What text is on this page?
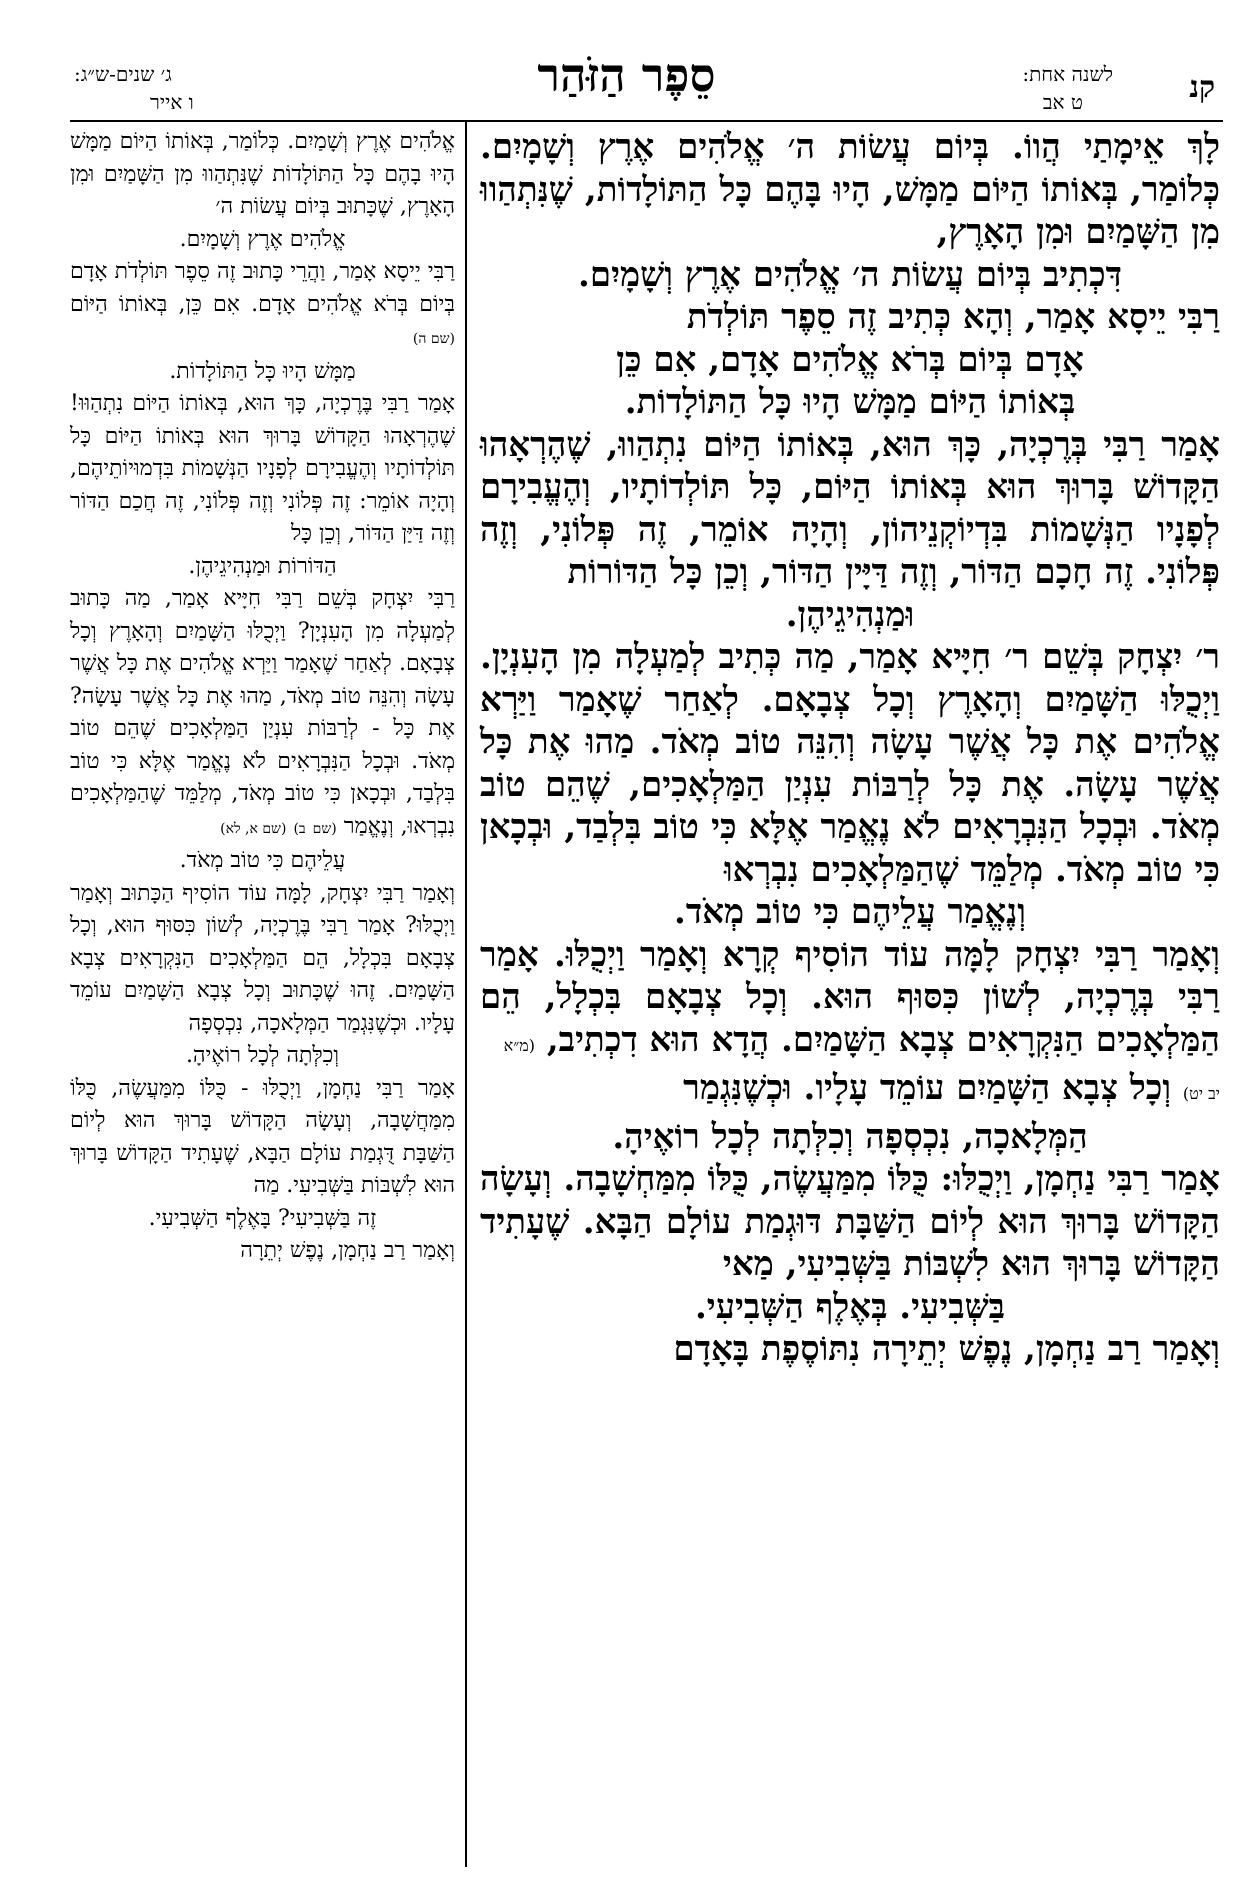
קנ
לשנה אחת:
ט אב
סֵפֶר הַזֹּהַר
ג׳ שנים-ש״ג:
ו אייר

לָךְ אֵימָתַי הֲווֹ. בְּיוֹם עֲשׂוֹת ה׳ אֱלֹהִים אֶרֶץ וְשָׁמָיִם. כְּלוֹמַר, בְּאוֹתוֹ הַיּוֹם מַמָּשׁ, הָיוּ בָּהֶם כָּל הַתּוֹלָדוֹת, שֶׁנִּתְהַווּ מִן הַשָּׁמַיִם וּמִן הָאָרֶץ,

דִּכְתִיב בְּיוֹם עֲשׂוֹת ה׳ אֱלֹהִים אֶרֶץ וְשָׁמָיִם.

רַבִּי יֵיסָא אָמַר, וְהָא כְּתִיב זֶה סֵפֶר תּוֹלְדֹת

אָדָם בְּיוֹם בְּרֹא אֱלֹהִים אָדָם, אִם כֵּן

בְּאוֹתוֹ הַיּוֹם מַמָּשׁ הָיוּ כָּל הַתּוֹלָדוֹת.

אָמַר רַבִּי בְּרֶכְיָה, כָּךְ הוּא, בְּאוֹתוֹ הַיּוֹם נִתְהַווּ, שֶׁהֶרְאָהוּ הַקָּדוֹשׁ בָּרוּךְ הוּא בְּאוֹתוֹ הַיּוֹם, כָּל תּוֹלְדוֹתָיו, וְהֶעֱבִירָם לְפָנָיו הַנְּשָׁמוֹת בִּדְיוֹקְנֵיהוֹן, וְהָיָה אוֹמֵר, זֶה פְּלוֹנִי, וְזֶה פְּלוֹנִי. זֶה חָכָם הַדּוֹר, וְזֶה דַּיָּין הַדּוֹר, וְכֵן כָּל הַדּוֹרוֹת

וּמַנְהִיגֵיהֶן.

ר׳ יִצְחָק בְּשֵׁם ר׳ חִיָּיא אָמַר, מַה כְּתִיב לְמַעְלָה מִן הָעִנְיָן. וַיְכֻלּוּ הַשָּׁמַיִם וְהָאָרֶץ וְכָל צְבָאָם. לְאַחַר שֶׁאָמַר וַיַּרְא אֱלֹהִים אֶת כָּל אֲשֶׁר עָשָׂה וְהִנֵּה טוֹב מְאֹד. מַהוּ אֶת כָּל אֲשֶׁר עָשָׂה. אֶת כָּל לְרַבּוֹת עִנְיַן הַמַּלְאָכִים, שֶׁהֵם טוֹב מְאֹד. וּבְכָל הַנִּבְרָאִים לֹא נֶאֱמַר אֶלָּא כִּי טוֹב בִּלְבַד, וּבְכָאן כִּי טוֹב מְאֹד. מְלַמֵּד שֶׁהַמַּלְאָכִים נִבְרְאוּ

וְנֶאֱמַר עֲלֵיהֶם כִּי טוֹב מְאֹד.

וְאָמַר רַבִּי יִצְחָק לָמָּה עוֹד הוֹסִיף קְרָא וְאָמַר וַיְכֻלּוּ. אָמַר רַבִּי בְּרֶכְיָה, לְשׁוֹן כִּסּוּף הוּא. וְכָל צְבָאָם בִּכְלָל, הֵם הַמַּלְאָכִים הַנִּקְרָאִים צְבָא הַשָּׁמַיִם. הֲדָא הוּא דִכְתִיב, (מ״א

יב יט) וְכָל צְבָא הַשָּׁמַיִם עוֹמֵד עָלָיו. וּכְשֶׁנִּגְמַר

הַמְּלָאכָה, נִכְסְפָה וְכִלְּתָה לְכָל רוֹאֶיהָ.

אָמַר רַבִּי נַחְמָן, וַיְכֻלּוּ: כֻּלּוֹ מִמַּעֲשֶׂה, כֻּלּוֹ מִמַּחְשָׁבָה. וְעָשָׂה הַקָּדוֹשׁ בָּרוּךְ הוּא לְיוֹם הַשַּׁבָּת דּוּגְמַת עוֹלָם הַבָּא. שֶׁעָתִיד הַקָּדוֹשׁ בָּרוּךְ הוּא לִשְׁבּוֹת בַּשְּׁבִיעִי, מַאי

בַּשְּׁבִיעִי. בְּאֶלֶף הַשְּׁבִיעִי.

וְאָמַר רַב נַחְמָן, נֶפֶשׁ יְתֵירָה נִתּוֹסֶפֶת בָּאָדָם

אֱלֹהִים אֶרֶץ וְשָׁמַיִם. כְּלוֹמַר, בְּאוֹתוֹ הַיּוֹם מַמָּשׁ הָיוּ בָהֶם כָּל הַתּוֹלָדוֹת שֶׁנִּתְהַווּ מִן הַשָּׁמַיִם וּמִן הָאָרֶץ, שֶׁכָּתוּב בְּיוֹם עֲשׂוֹת ה׳

אֱלֹהִים אֶרֶץ וְשָׁמָיִם.

רַבִּי יֵיסָא אָמַר, וַהֲרֵי כָּתוּב זֶה סֵפֶר תּוֹלְדֹת אָדָם בְּיוֹם בְּרֹא אֱלֹהִים אָדָם. אִם כֵּן, בְּאוֹתוֹ הַיּוֹם (שם ה)

מַמָּשׁ הָיוּ כָּל הַתּוֹלָדוֹת.

אָמַר רַבִּי בֶּרֶכְיָה, כָּךְ הוּא, בְּאוֹתוֹ הַיּוֹם נִתְהַוּוּ! שֶׁהֶרְאָהוּ הַקָּדוֹשׁ בָּרוּךְ הוּא בְּאוֹתוֹ הַיּוֹם כָּל תּוֹלְדוֹתָיו וְהֶעֱבִירָם לְפָנָיו הַנְּשָׁמוֹת בִּדְמוּיוֹתֵיהֶם, וְהָיָה אוֹמֵר: זֶה פְּלוֹנִי וְזֶה פְּלוֹנִי, זֶה חֲכַם הַדּוֹר וְזֶה דַּיַּן הַדּוֹר, וְכֵן כָּל

הַדּוֹרוֹת וּמַנְהִיגֵיהֶן.

רַבִּי יִצְחָק בְּשֵׁם רַבִּי חִיָּיא אָמַר, מַה כָּתוּב לְמַעְלָה מִן הָעִנְיָן? וַיְכֻלּוּ הַשָּׁמַיִם וְהָאָרֶץ וְכָל צְבָאָם. לְאַחַר שֶׁאָמַר וַיַּרְא אֱלֹהִים אֶת כָּל אֲשֶׁר עָשָׂה וְהִנֵּה טוֹב מְאֹד, מַהוּ אֶת כָּל אֲשֶׁר עָשָׂה? אֶת כָּל - לְרַבּוֹת עִנְיַן הַמַּלְאָכִים שֶׁהֵם טוֹב מְאֹד. וּבְכָל הַנִּבְרָאִים לֹא נֶאֱמַר אֶלָּא כִּי טוֹב בִּלְבַד, וּבְכָאן כִּי טוֹב מְאֹד, מְלַמֵּד שֶׁהַמַּלְאָכִים נִבְרְאוּ, וְנֶאֱמַר (שם ב) (שם א, לא)

עֲלֵיהֶם כִּי טוֹב מְאֹד.

וְאָמַר רַבִּי יִצְחָק, לָמָּה עוֹד הוֹסִיף הַכָּתוּב וְאָמַר וַיְכֻלּוּ? אָמַר רַבִּי בֶּרֶכְיָה, לְשׁוֹן כִּסּוּף הוּא, וְכָל צְבָאָם בִּכְלָל, הֵם הַמַּלְאָכִים הַנִּקְרָאִים צְבָא הַשָּׁמַיִם. זֶהוּ שֶׁכָּתוּב וְכָל צְבָא הַשָּׁמַיִם עוֹמֵד עָלָיו. וּכְשֶׁנִּגְמַר הַמְּלָאכָה, נִכְסְפָה

וְכִלְּתָה לְכָל רוֹאֶיהָ.

אָמַר רַבִּי נַחְמָן, וַיְכֻלּוּ - כֻּלּוֹ מִמַּעֲשֶׂה, כֻּלּוֹ מִמַּחֲשָׁבָה, וְעָשָׂה הַקָּדוֹשׁ בָּרוּךְ הוּא לְיוֹם הַשַּׁבָּת דֻּגְמַת עוֹלָם הַבָּא, שֶׁעָתִיד הַקָּדוֹשׁ בָּרוּךְ הוּא לִשְׁבּוֹת בַּשְּׁבִיעִי. מַה

זֶה בַּשְּׁבִיעִי? בָּאֶלֶף הַשְּׁבִיעִי.

וְאָמַר רַב נַחְמָן, נֶפֶשׁ יְתֵרָה
